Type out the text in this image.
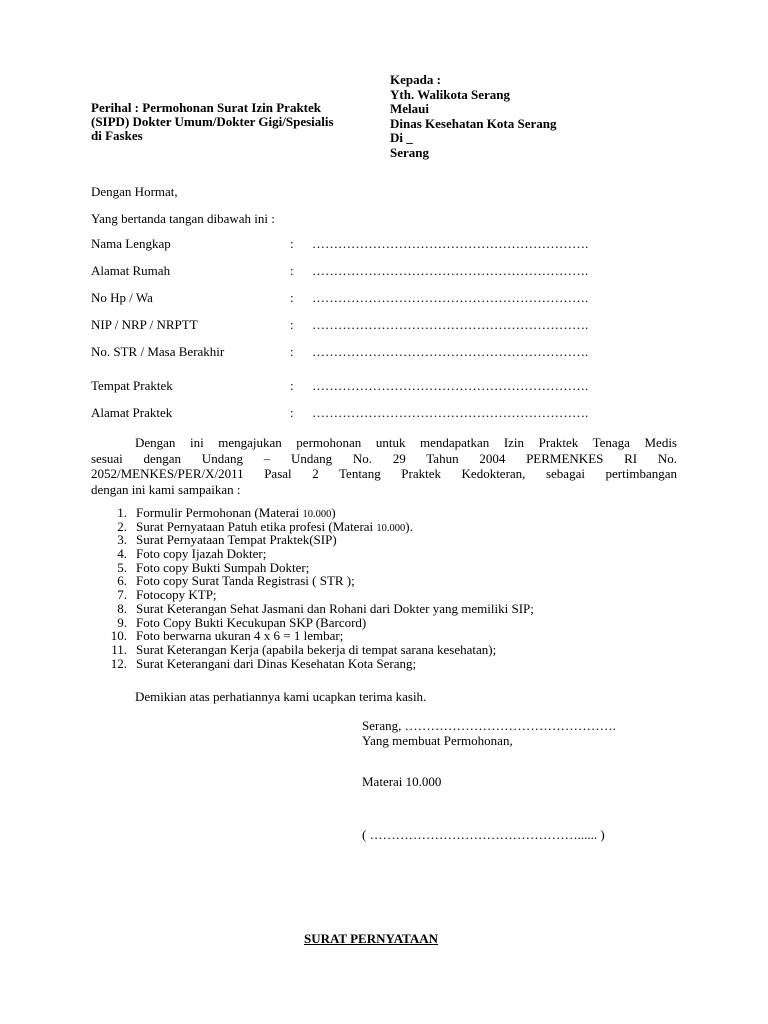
Perihal : Permohonan Surat Izin Praktek
(SIPD) Dokter Umum/Dokter Gigi/Spesialis
di Faskes
Kepada :
Yth. Walikota Serang
Melaui
Dinas Kesehatan Kota Serang
Di _
Serang
Dengan Hormat,
Yang bertanda tangan dibawah ini :
Nama Lengkap	: ……………………………………………………….
Alamat Rumah	: ……………………………………………………….
No Hp / Wa	: ……………………………………………………….
NIP / NRP / NRPTT	: ……………………………………………………….
No. STR / Masa Berakhir	: ……………………………………………………….
Tempat Praktek	: ……………………………………………………….
Alamat Praktek	: ……………………………………………………….
Dengan ini mengajukan permohonan untuk mendapatkan Izin Praktek Tenaga Medis
sesuai dengan Undang – Undang No. 29 Tahun 2004 PERMENKES RI No.
2052/MENKES/PER/X/2011 Pasal 2 Tentang Praktek Kedokteran, sebagai pertimbangan
dengan ini kami sampaikan :
1. Formulir Permohonan (Materai 10.000)
2. Surat Pernyataan Patuh etika profesi (Materai 10.000).
3. Surat Pernyataan Tempat Praktek(SIP)
4. Foto copy Ijazah Dokter;
5. Foto copy Bukti Sumpah Dokter;
6. Foto copy Surat Tanda Registrasi ( STR );
7. Fotocopy KTP;
8. Surat Keterangan Sehat Jasmani dan Rohani dari Dokter yang memiliki SIP;
9. Foto Copy Bukti Kecukupan SKP (Barcord)
10. Foto berwarna ukuran 4 x 6 = 1 lembar;
11. Surat Keterangan Kerja (apabila bekerja di tempat sarana kesehatan);
12. Surat Keterangani dari Dinas Kesehatan Kota Serang;
Demikian atas perhatiannya kami ucapkan terima kasih.
Serang, ………………………………………….
Yang membuat Permohonan,
Materai 10.000
( …………………………………………...... )
SURAT PERNYATAAN
